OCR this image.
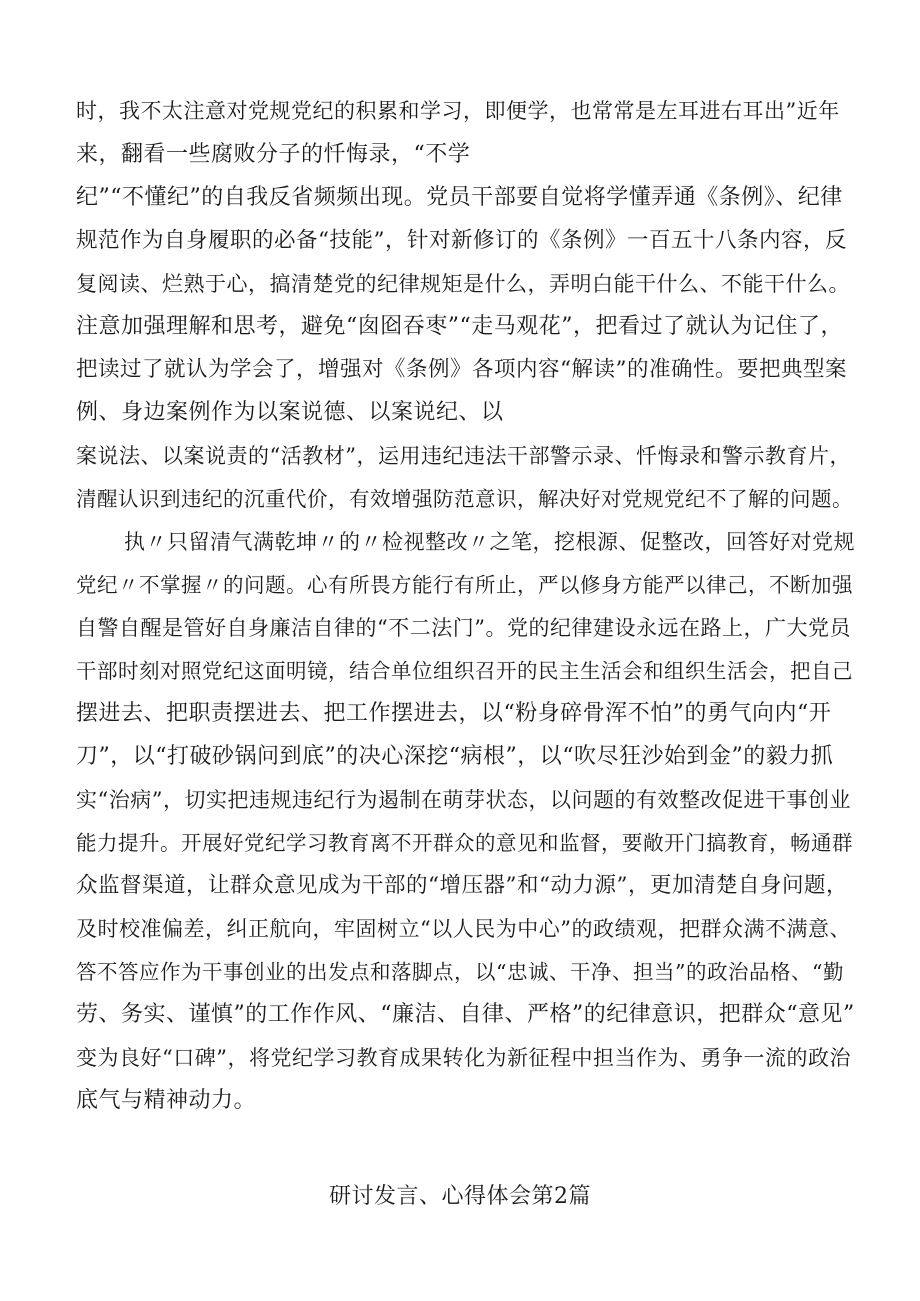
时，我不太注意对党规党纪的积累和学习，即便学，也常常是左耳进右耳出”近年
来，翻看一些腐败分子的忏悔录，“不学
纪”“不懂纪”的自我反省频频出现。党员干部要自觉将学懂弄通《条例》、纪律
规范作为自身履职的必备“技能”，针对新修订的《条例》一百五十八条内容，反
复阅读、烂熟于心，搞清楚党的纪律规矩是什么，弄明白能干什么、不能干什么。
注意加强理解和思考，避免“囱囵吞枣”“走马观花”，把看过了就认为记住了，
把读过了就认为学会了，增强对《条例》各项内容“解读”的准确性。要把典型案
例、身边案例作为以案说德、以案说纪、以
案说法、以案说责的“活教材”，运用违纪违法干部警示录、忏悔录和警示教育片，
清醒认识到违纪的沉重代价，有效增强防范意识，解决好对党规党纪不了解的问题。
执〃只留清气满乾坤〃的〃检视整改〃之笔，挖根源、促整改，回答好对党规
党纪〃不掌握〃的问题。心有所畏方能行有所止，严以修身方能严以律己，不断加强
自警自醒是管好自身廉洁自律的“不二法门”。党的纪律建设永远在路上，广大党员
干部时刻对照党纪这面明镜，结合单位组织召开的民主生活会和组织生活会，把自己
摆进去、把职责摆进去、把工作摆进去，以“粉身碎骨浑不怕”的勇气向内“开
刀”，以“打破砂锅问到底”的决心深挖“病根”，以“吹尽狂沙始到金”的毅力抓
实“治病”，切实把违规违纪行为遏制在萌芽状态，以问题的有效整改促进干事创业
能力提升。开展好党纪学习教育离不开群众的意见和监督，要敞开门搞教育，畅通群
众监督渠道，让群众意见成为干部的“增压器”和“动力源”，更加清楚自身问题，
及时校准偏差，纠正航向，牢固树立“以人民为中心”的政绩观，把群众满不满意、
答不答应作为干事创业的出发点和落脚点，以“忠诚、干净、担当”的政治品格、“勤
劳、务实、谨慎”的工作作风、“廉洁、自律、严格”的纪律意识，把群众“意见”
变为良好“口碑”，将党纪学习教育成果转化为新征程中担当作为、勇争一流的政治
底气与精神动力。
研讨发言、心得体会第2篇
